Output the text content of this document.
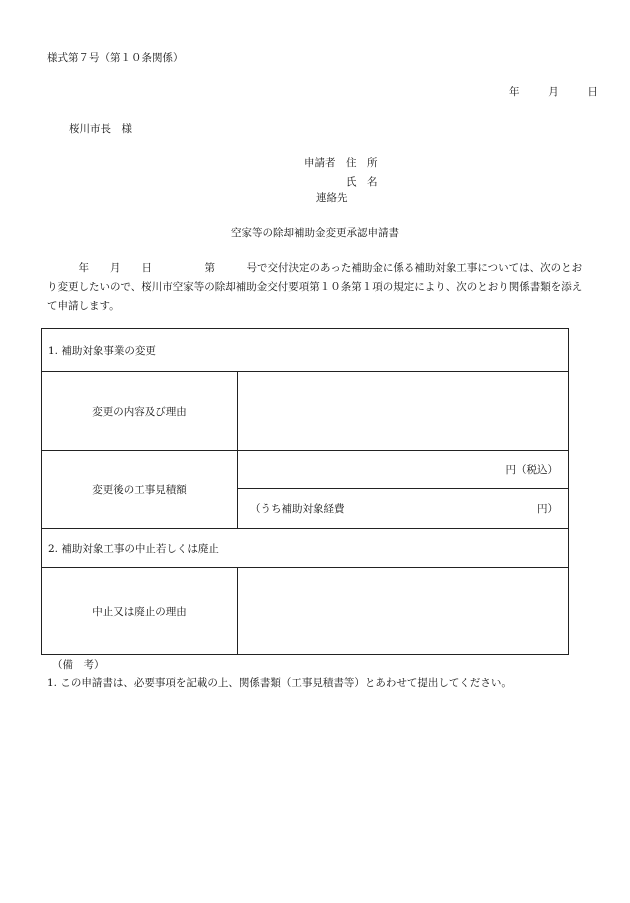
様式第７号（第１０条関係）
年	月	日
桜川市長　様
申請者	住　所
氏　名
連絡先
空家等の除却補助金変更承認申請書
　　　年　　月　　日　　　　　第　　　号で交付決定のあった補助金に係る補助対象工事については、次のとおり変更したいので、桜川市空家等の除却補助金交付要項第１０条第１項の規定により、次のとおり関係書類を添えて申請します。
1. 補助対象事業の変更	
変更の内容及び理由	
変更後の工事見積額	円（税込）

	（うち補助対象経費 円）

2. 補助対象工事の中止若しくは廃止	
中止又は廃止の理由	
（備　考）
1. この申請書は、必要事項を記載の上、関係書類（工事見積書等）とあわせて提出してください。
